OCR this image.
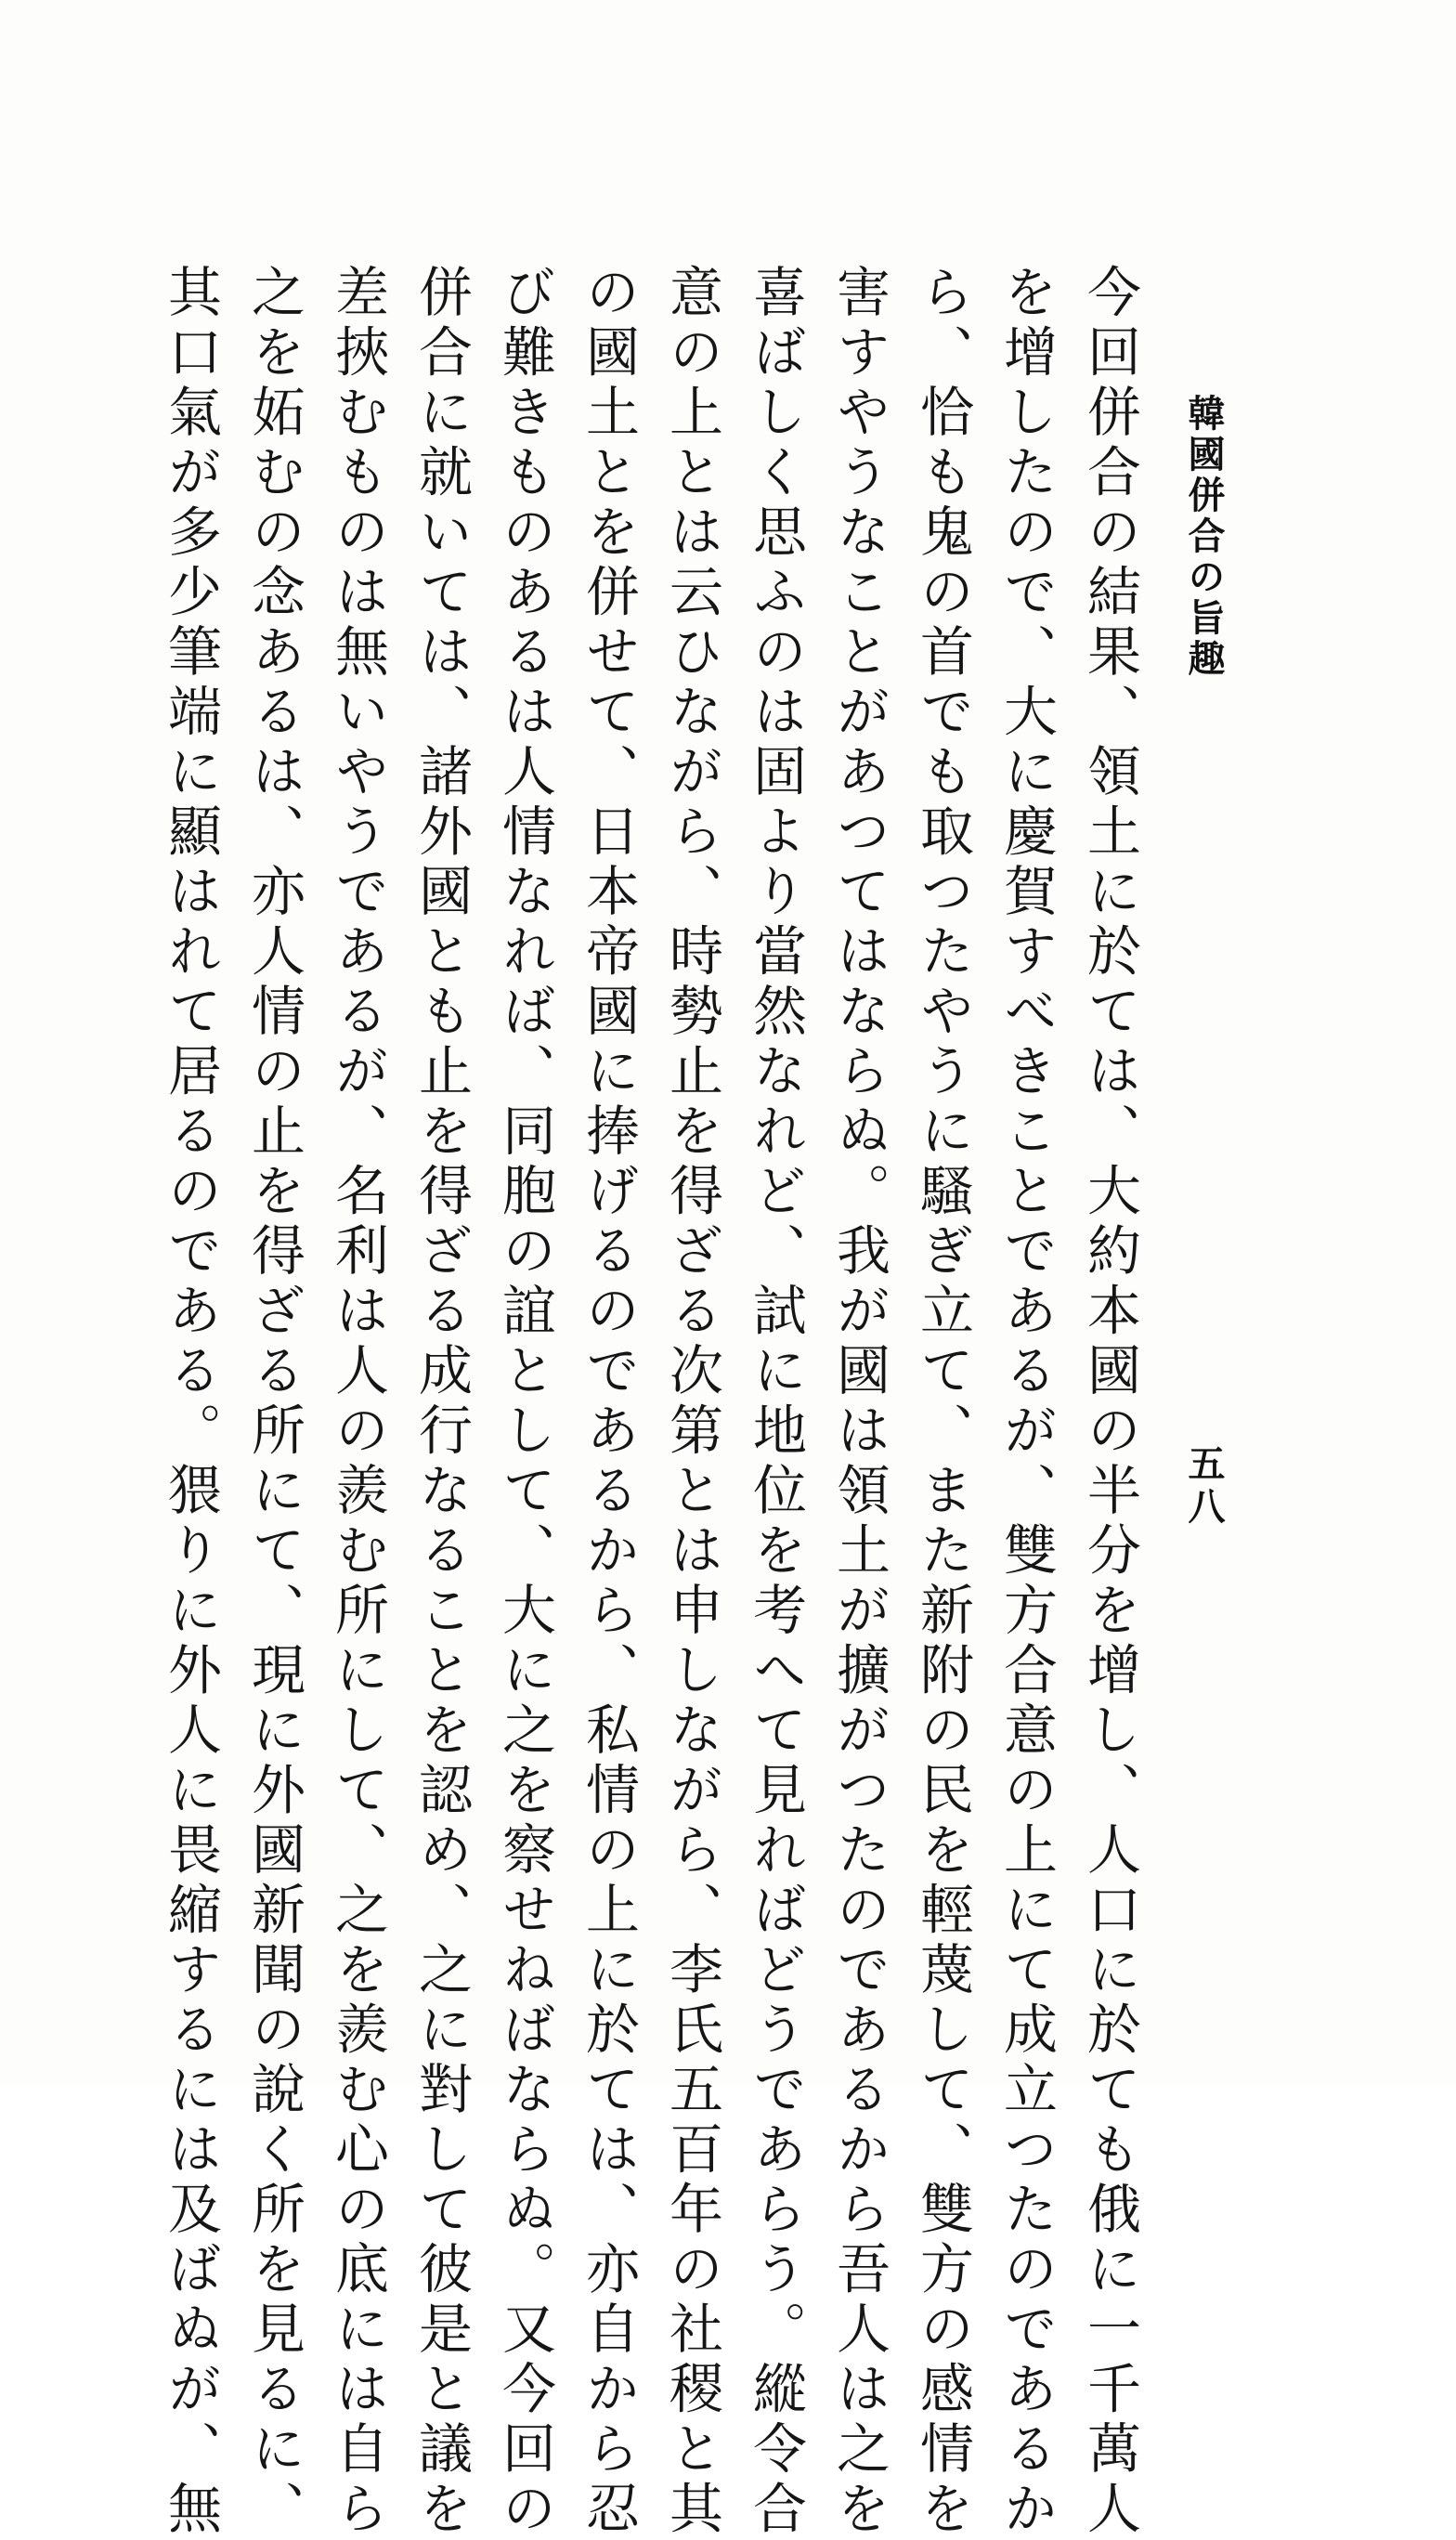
韓國併合の旨趣
五八
今回併合の結果、領土に於ては、大約本國の半分を增し、人口に於ても俄に一千萬人
を增したので、大に慶賀すべきことであるが、雙方合意の上にて成立つたのであるか
ら、恰も鬼の首でも取つたやうに騷ぎ立て、また新附の民を輕蔑して、雙方の感情を
害すやうなことがあつてはならぬ。我が國は領土が擴がつたのであるから吾人は之を
喜ばしく思ふのは固より當然なれど、試に地位を考へて見ればどうであらう。縱令合
意の上とは云ひながら、時勢止を得ざる次第とは申しながら、李氏五百年の社稷と其
の國土とを併せて、日本帝國に捧げるのであるから、私情の上に於ては、亦自から忍
び難きものあるは人情なれば、同胞の誼として、大に之を察せねばならぬ。又今回の
併合に就いては、諸外國とも止を得ざる成行なることを認め、之に對して彼是と議を
差挾むものは無いやうであるが、名利は人の羨む所にして、之を羨む心の底には自ら
之を妬むの念あるは、亦人情の止を得ざる所にて、現に外國新聞の說く所を見るに、
其口氣が多少筆端に顯はれて居るのである。猥りに外人に畏縮するには及ばぬが、無
